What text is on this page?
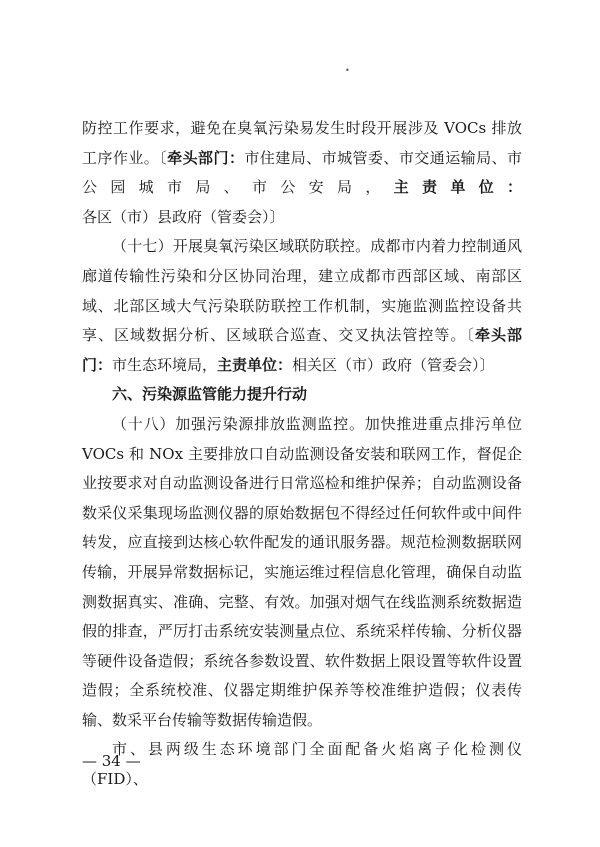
•

防控工作要求，避免在臭氧污染易发生时段开展涉及 VOCs 排放工序作业。〔牵头部门：市住建局、市城管委、市交通运输局、市公园城市局、市公安局，主责单位：各区（市）县政府（管委会）〕

（十七）开展臭氧污染区域联防联控。成都市内着力控制通风廊道传输性污染和分区协同治理，建立成都市西部区域、南部区域、北部区域大气污染联防联控工作机制，实施监测监控设备共享、区域数据分析、区域联合巡查、交叉执法管控等。〔牵头部门：市生态环境局，主责单位：相关区（市）政府（管委会）〕

六、污染源监管能力提升行动

（十八）加强污染源排放监测监控。加快推进重点排污单位 VOCs 和 NOx 主要排放口自动监测设备安装和联网工作，督促企业按要求对自动监测设备进行日常巡检和维护保养；自动监测设备数采仪采集现场监测仪器的原始数据包不得经过任何软件或中间件转发，应直接到达核心软件配发的通讯服务器。规范检测数据联网传输，开展异常数据标记，实施运维过程信息化管理，确保自动监测数据真实、准确、完整、有效。加强对烟气在线监测系统数据造假的排查，严厉打击系统安装测量点位、系统采样传输、分析仪器等硬件设备造假；系统各参数设置、软件数据上限设置等软件设置造假；全系统校准、仪器定期维护保养等校准维护造假；仪表传输、数采平台传输等数据传输造假。

市、县两级生态环境部门全面配备火焰离子化检测仪（FID）、

— 34 —
